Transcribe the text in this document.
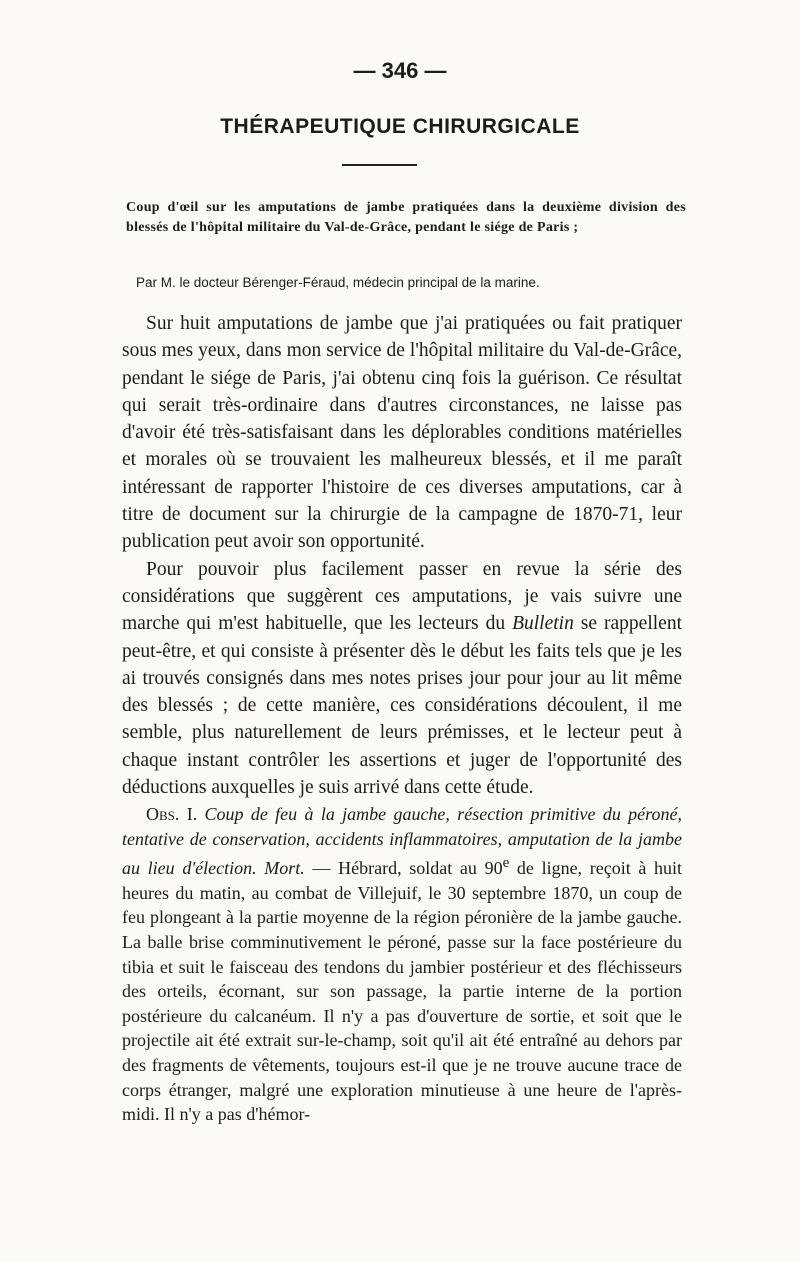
— 346 —
THÉRAPEUTIQUE CHIRURGICALE
Coup d'œil sur les amputations de jambe pratiquées dans la deuxième division des blessés de l'hôpital militaire du Val-de-Grâce, pendant le siége de Paris ;
Par M. le docteur Bérenger-Féraud, médecin principal de la marine.

Sur huit amputations de jambe que j'ai pratiquées ou fait pratiquer sous mes yeux, dans mon service de l'hôpital militaire du Val-de-Grâce, pendant le siége de Paris, j'ai obtenu cinq fois la guérison. Ce résultat qui serait très-ordinaire dans d'autres circonstances, ne laisse pas d'avoir été très-satisfaisant dans les déplorables conditions matérielles et morales où se trouvaient les malheureux blessés, et il me paraît intéressant de rapporter l'histoire de ces diverses amputations, car à titre de document sur la chirurgie de la campagne de 1870-71, leur publication peut avoir son opportunité.

Pour pouvoir plus facilement passer en revue la série des considérations que suggèrent ces amputations, je vais suivre une marche qui m'est habituelle, que les lecteurs du Bulletin se rappellent peut-être, et qui consiste à présenter dès le début les faits tels que je les ai trouvés consignés dans mes notes prises jour pour jour au lit même des blessés ; de cette manière, ces considérations découlent, il me semble, plus naturellement de leurs prémisses, et le lecteur peut à chaque instant contrôler les assertions et juger de l'opportunité des déductions auxquelles je suis arrivé dans cette étude.

Obs. I. Coup de feu à la jambe gauche, résection primitive du péroné, tentative de conservation, accidents inflammatoires, amputation de la jambe au lieu d'élection. Mort. — Hébrard, soldat au 90e de ligne, reçoit à huit heures du matin, au combat de Villejuif, le 30 septembre 1870, un coup de feu plongeant à la partie moyenne de la région péronière de la jambe gauche. La balle brise comminutivement le péroné, passe sur la face postérieure du tibia et suit le faisceau des tendons du jambier postérieur et des fléchisseurs des orteils, écornant, sur son passage, la partie interne de la portion postérieure du calcanéum. Il n'y a pas d'ouverture de sortie, et soit que le projectile ait été extrait sur-le-champ, soit qu'il ait été entraîné au dehors par des fragments de vêtements, toujours est-il que je ne trouve aucune trace de corps étranger, malgré une exploration minutieuse à une heure de l'après-midi. Il n'y a pas d'hémor-
